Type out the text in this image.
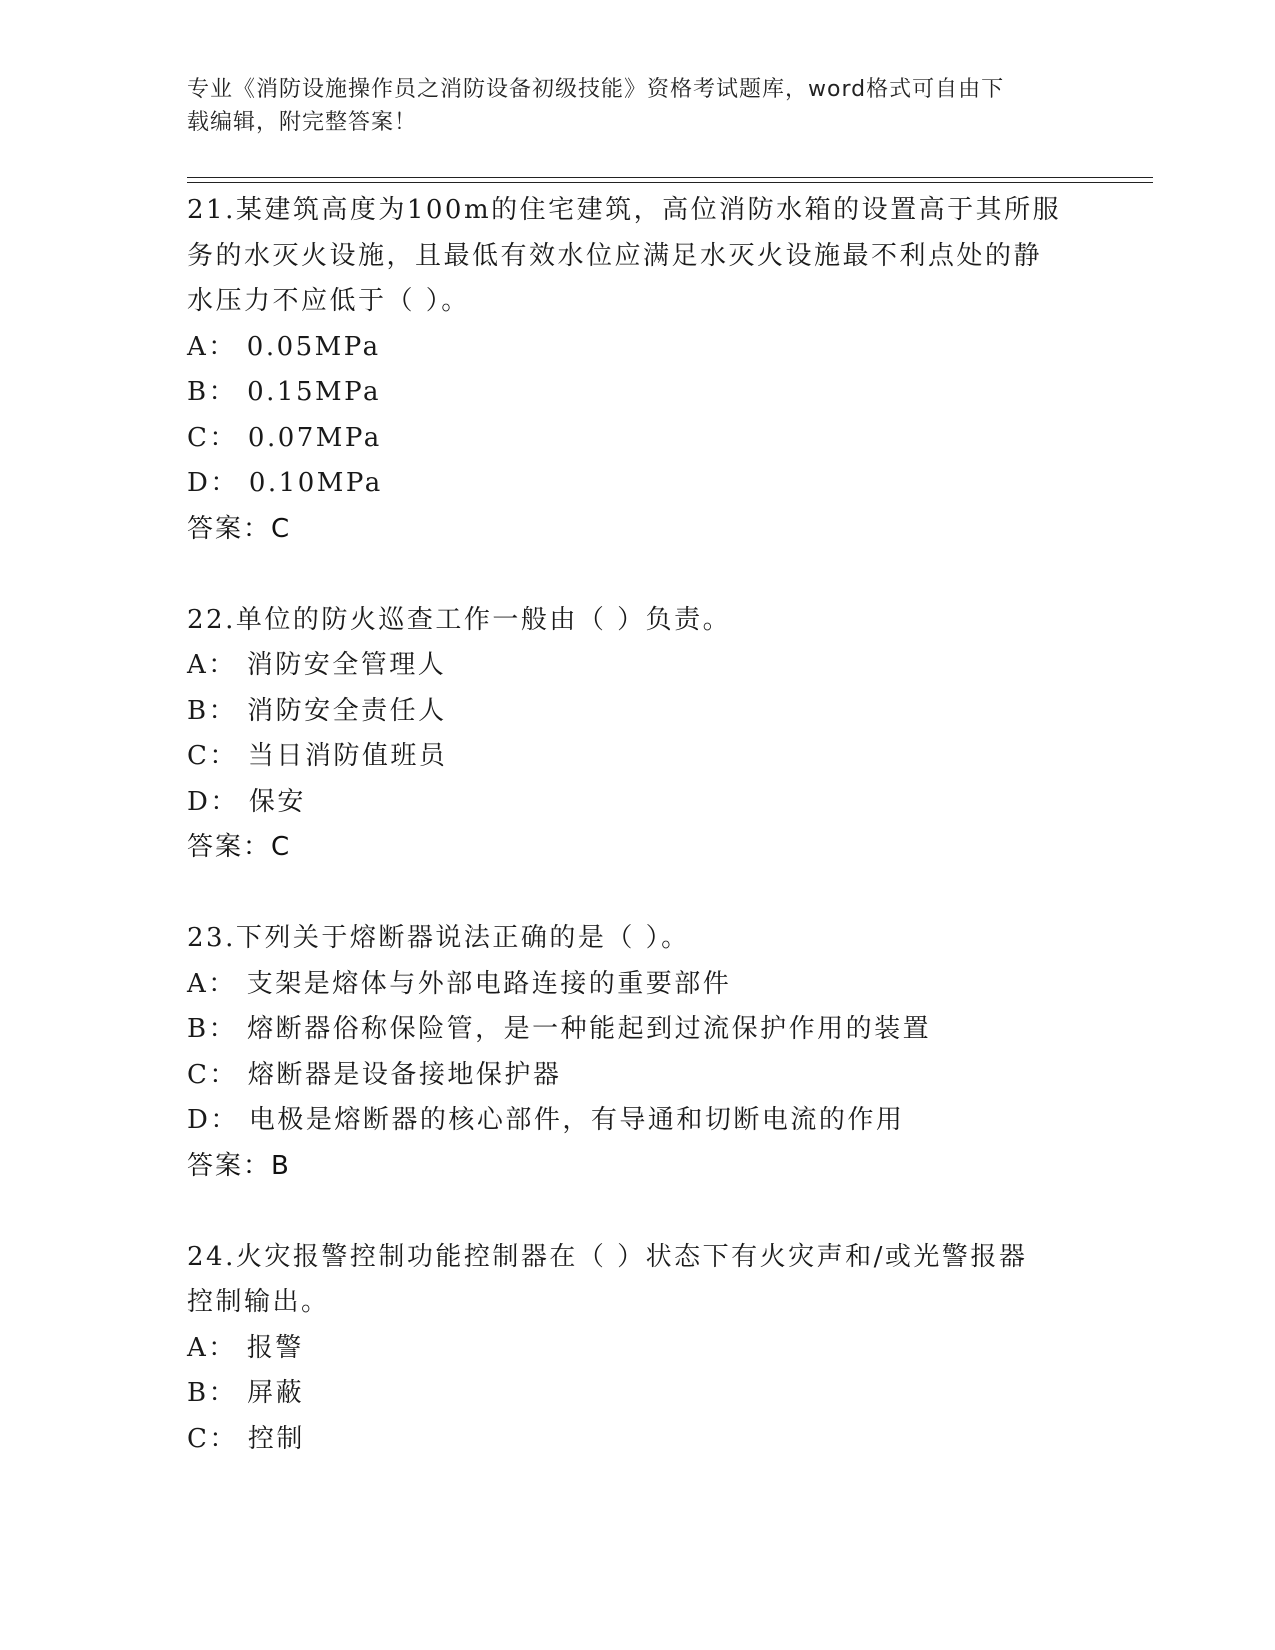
专业《消防设施操作员之消防设备初级技能》资格考试题库，word格式可自由下
载编辑，附完整答案！
21.某建筑高度为100m的住宅建筑，高位消防水箱的设置高于其所服
务的水灭火设施，且最低有效水位应满足水灭火设施最不利点处的静
水压力不应低于（ ）。
A： 0.05MPa
B： 0.15MPa
C： 0.07MPa
D： 0.10MPa
答案：C
22.单位的防火巡查工作一般由（ ）负责。
A： 消防安全管理人
B： 消防安全责任人
C： 当日消防值班员
D： 保安
答案：C
23.下列关于熔断器说法正确的是（ ）。
A： 支架是熔体与外部电路连接的重要部件
B： 熔断器俗称保险管，是一种能起到过流保护作用的装置
C： 熔断器是设备接地保护器
D： 电极是熔断器的核心部件，有导通和切断电流的作用
答案：B
24.火灾报警控制功能控制器在（ ）状态下有火灾声和/或光警报器
控制输出。
A： 报警
B： 屏蔽
C： 控制
